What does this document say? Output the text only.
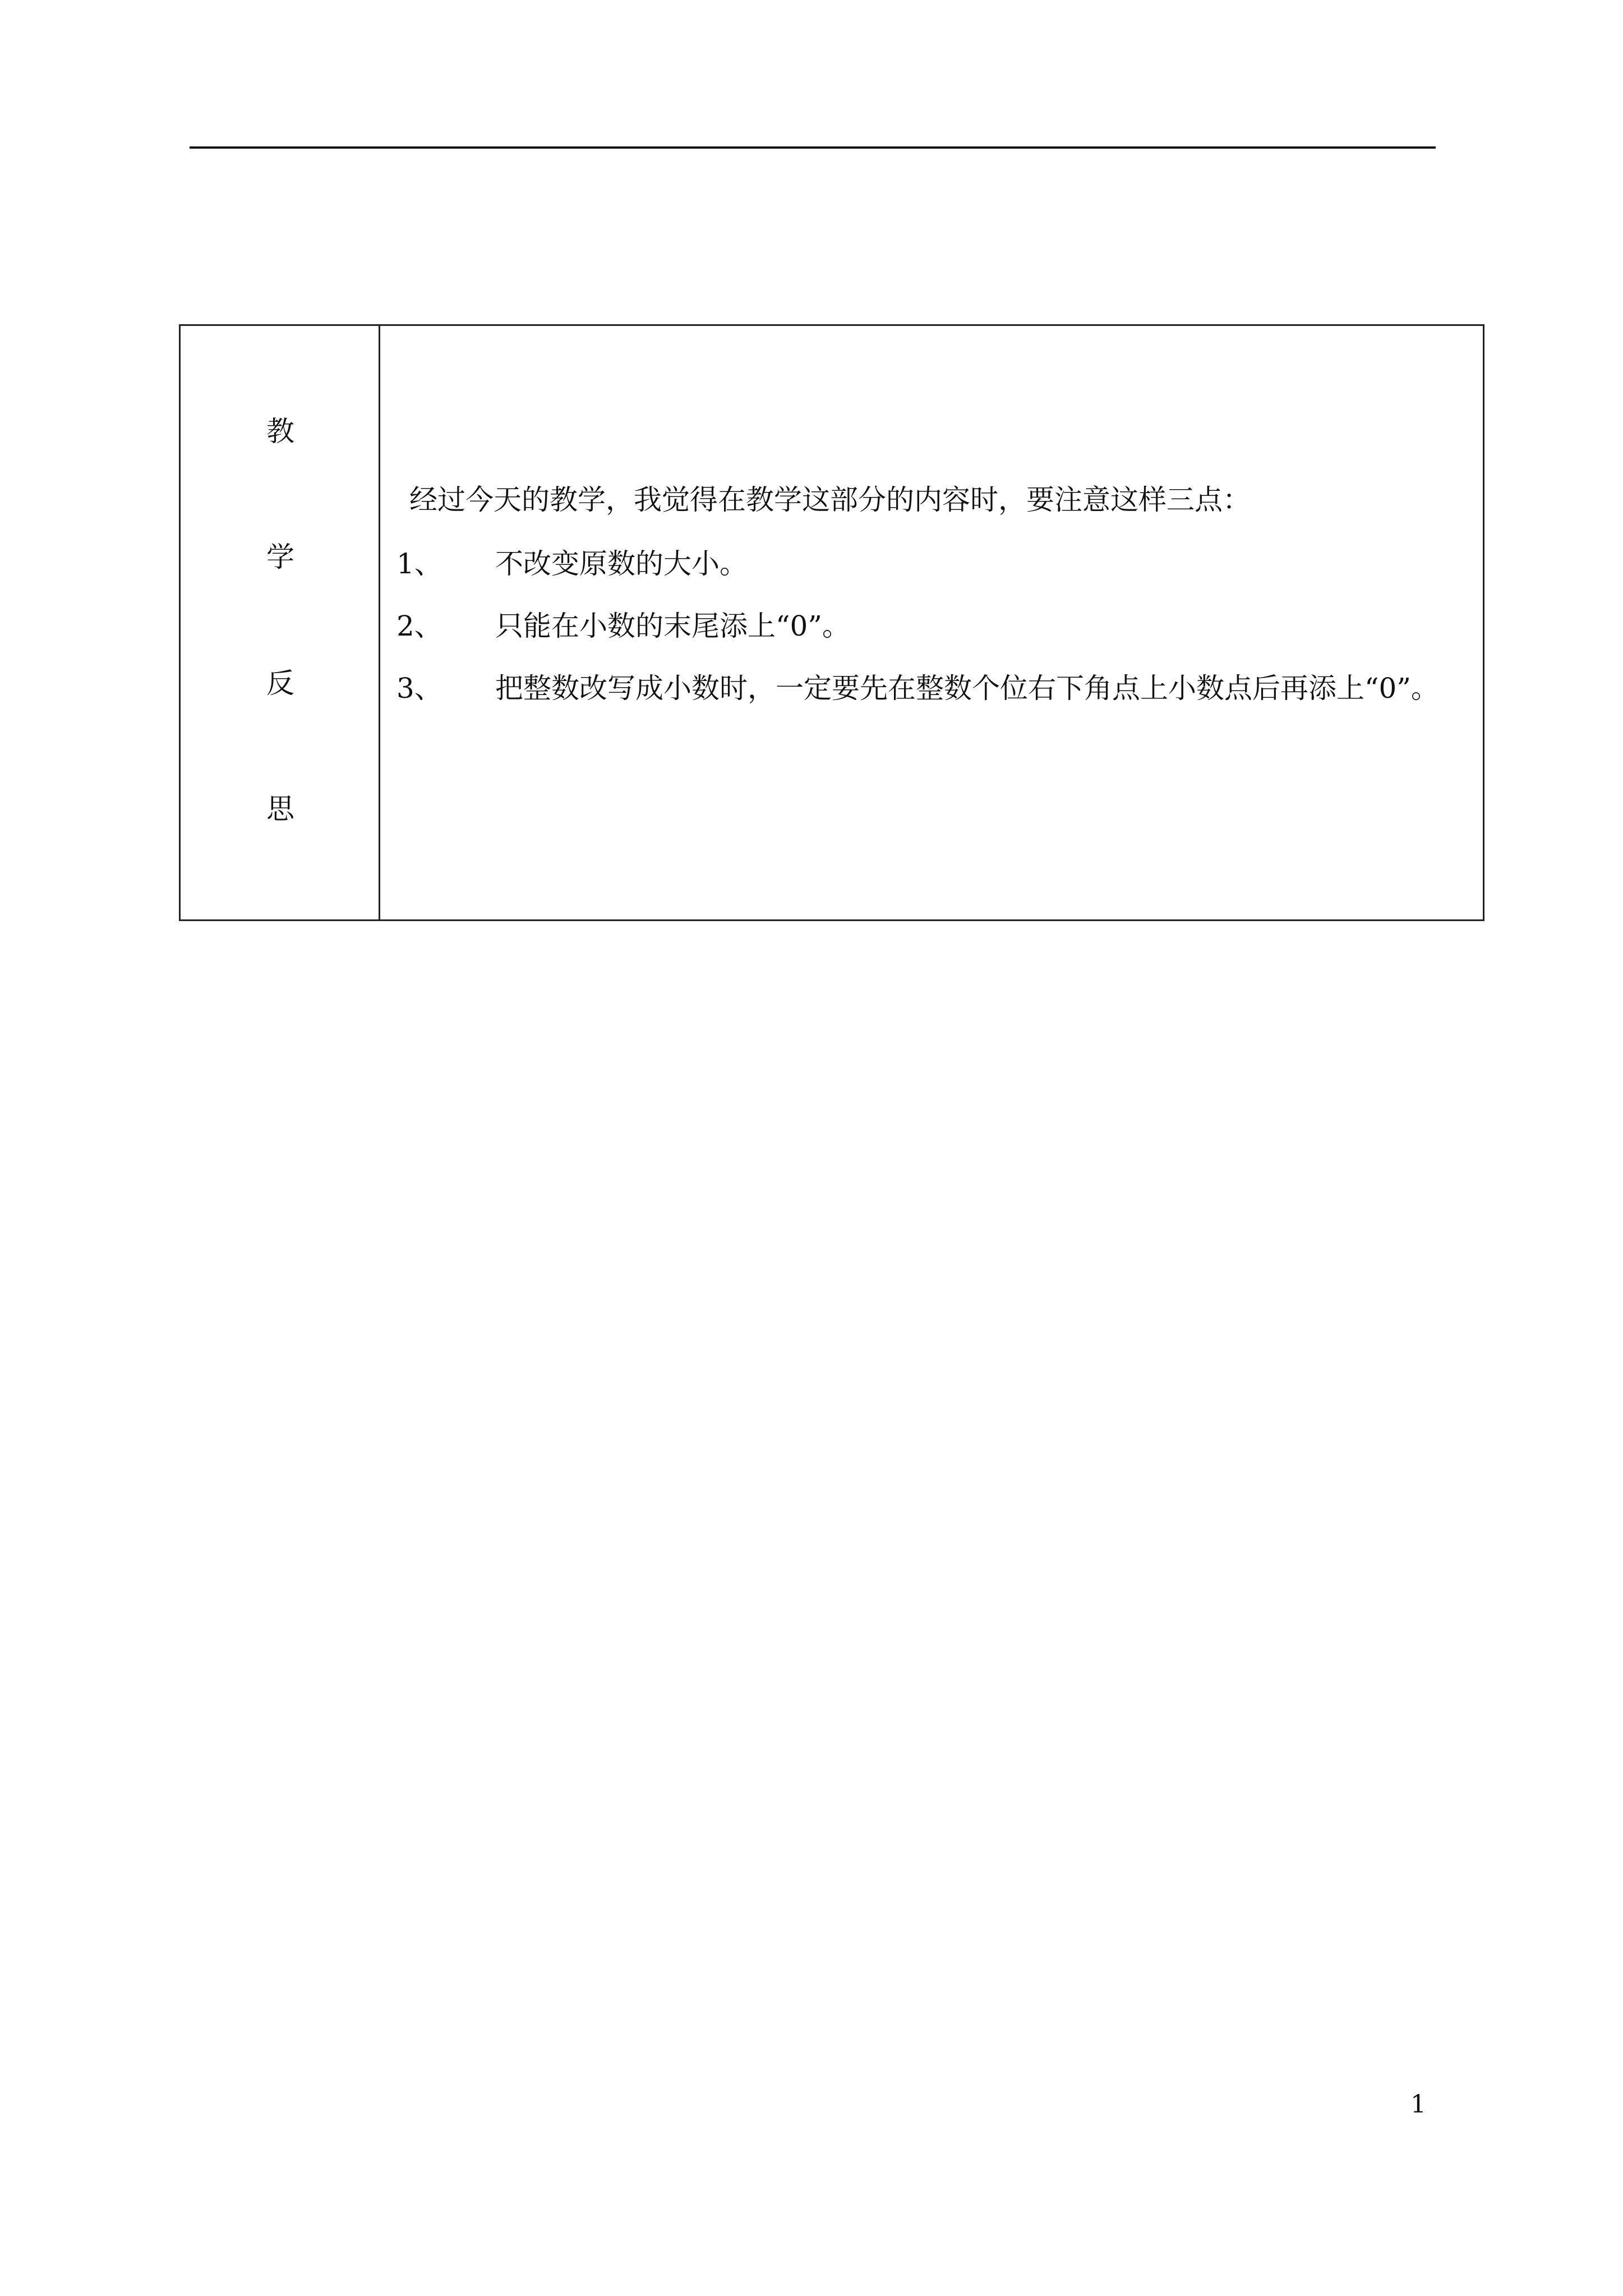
教
学
反
思
经过今天的教学，我觉得在教学这部分的内容时，要注意这样三点：
1、 不改变原数的大小。
2、 只能在小数的末尾添上“0”。
3、 把整数改写成小数时，一定要先在整数个位右下角点上小数点后再添上“0”。
1
